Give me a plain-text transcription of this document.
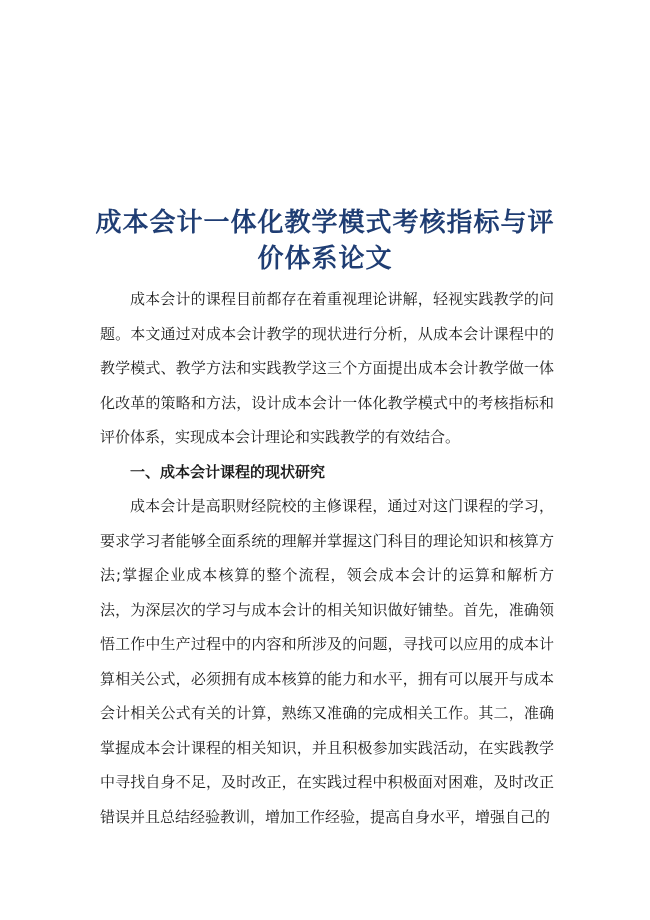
成本会计一体化教学模式考核指标与评价体系论文

成本会计的课程目前都存在着重视理论讲解，轻视实践教学的问题。本文通过对成本会计教学的现状进行分析，从成本会计课程中的教学模式、教学方法和实践教学这三个方面提出成本会计教学做一体化改革的策略和方法，设计成本会计一体化教学模式中的考核指标和评价体系，实现成本会计理论和实践教学的有效结合。

一、成本会计课程的现状研究

成本会计是高职财经院校的主修课程，通过对这门课程的学习，要求学习者能够全面系统的理解并掌握这门科目的理论知识和核算方法;掌握企业成本核算的整个流程，领会成本会计的运算和解析方法，为深层次的学习与成本会计的相关知识做好铺垫。首先，准确领悟工作中生产过程中的内容和所涉及的问题，寻找可以应用的成本计算相关公式，必须拥有成本核算的能力和水平，拥有可以展开与成本会计相关公式有关的计算，熟练又准确的完成相关工作。其二，准确掌握成本会计课程的相关知识，并且积极参加实践活动，在实践教学中寻找自身不足，及时改正，在实践过程中积极面对困难，及时改正错误并且总结经验教训，增加工作经验，提高自身水平，增强自己的
